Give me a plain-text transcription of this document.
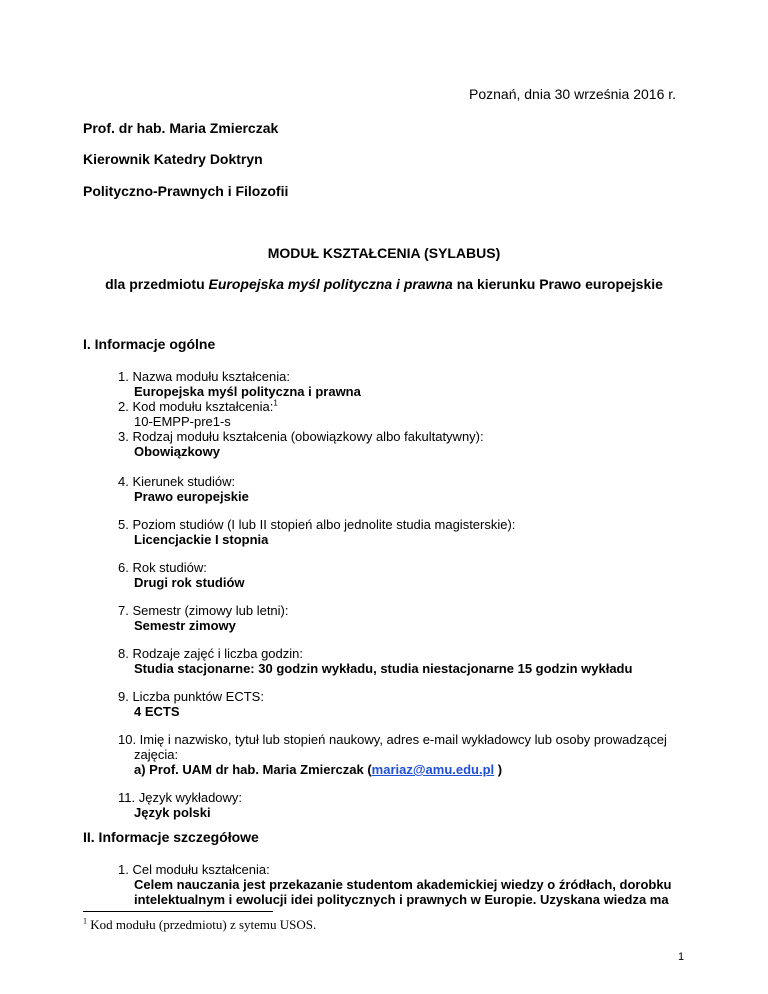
Poznań, dnia 30 września 2016 r.
Prof. dr hab. Maria Zmierczak
Kierownik Katedry Doktryn
Polityczno-Prawnych i Filozofii
MODUŁ KSZTAŁCENIA (SYLABUS)
dla przedmiotu Europejska myśl polityczna i prawna na kierunku Prawo europejskie
I. Informacje ogólne
1. Nazwa modułu kształcenia:
Europejska myśl polityczna i prawna
2. Kod modułu kształcenia:$^1$
10-EMPP-pre1-s
3. Rodzaj modułu kształcenia (obowiązkowy albo fakultatywny):
Obowiązkowy
4. Kierunek studiów:
Prawo europejskie
5. Poziom studiów (I lub II stopień albo jednolite studia magisterskie):
Licencjackie I stopnia
6. Rok studiów:
Drugi rok studiów
7. Semestr (zimowy lub letni):
Semestr zimowy
8. Rodzaje zajęć i liczba godzin:
Studia stacjonarne: 30 godzin wykładu, studia niestacjonarne 15 godzin wykładu
9. Liczba punktów ECTS:
4 ECTS
10. Imię i nazwisko, tytuł lub stopień naukowy, adres e-mail wykładowcy lub osoby prowadzącej
zajęcia:
a) Prof. UAM dr hab. Maria Zmierczak (mariaz@amu.edu.pl )
11. Język wykładowy:
Język polski
II. Informacje szczegółowe
1. Cel modułu kształcenia:
Celem nauczania jest przekazanie studentom akademickiej wiedzy o źródłach, dorobku
intelektualnym i ewolucji idei politycznych i prawnych w Europie. Uzyskana wiedza ma
$^1$ Kod modułu (przedmiotu) z sytemu USOS.
1
